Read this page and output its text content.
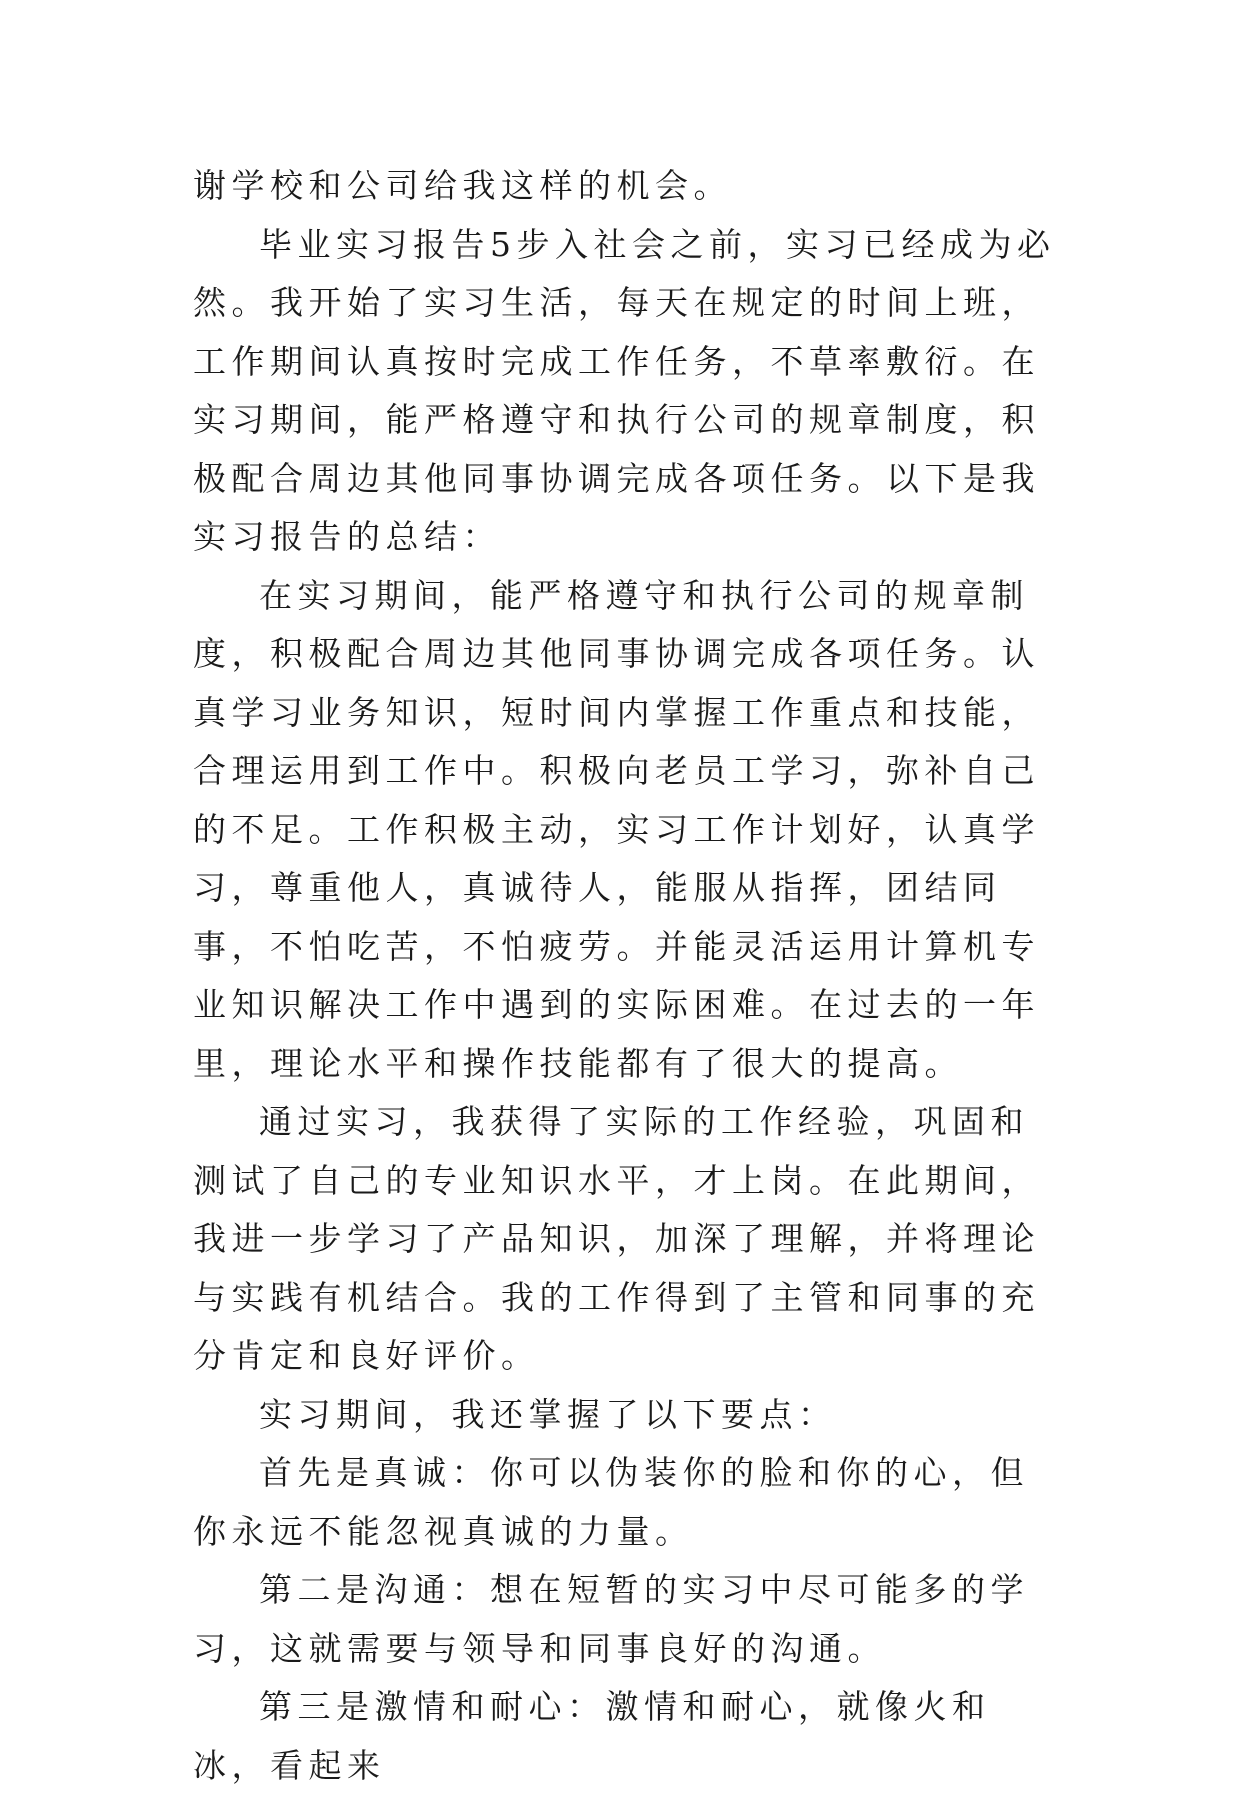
谢学校和公司给我这样的机会。

毕业实习报告5步入社会之前，实习已经成为必然。我开始了实习生活，每天在规定的时间上班，工作期间认真按时完成工作任务，不草率敷衍。在实习期间，能严格遵守和执行公司的规章制度，积极配合周边其他同事协调完成各项任务。以下是我实习报告的总结：

在实习期间，能严格遵守和执行公司的规章制度，积极配合周边其他同事协调完成各项任务。认真学习业务知识，短时间内掌握工作重点和技能，合理运用到工作中。积极向老员工学习，弥补自己的不足。工作积极主动，实习工作计划好，认真学习，尊重他人，真诚待人，能服从指挥，团结同事，不怕吃苦，不怕疲劳。并能灵活运用计算机专业知识解决工作中遇到的实际困难。在过去的一年里，理论水平和操作技能都有了很大的提高。

通过实习，我获得了实际的工作经验，巩固和测试了自己的专业知识水平，才上岗。在此期间，我进一步学习了产品知识，加深了理解，并将理论与实践有机结合。我的工作得到了主管和同事的充分肯定和良好评价。

实习期间，我还掌握了以下要点：

首先是真诚：你可以伪装你的脸和你的心，但你永远不能忽视真诚的力量。

第二是沟通：想在短暂的实习中尽可能多的学习，这就需要与领导和同事良好的沟通。

第三是激情和耐心：激情和耐心，就像火和冰，看起来
